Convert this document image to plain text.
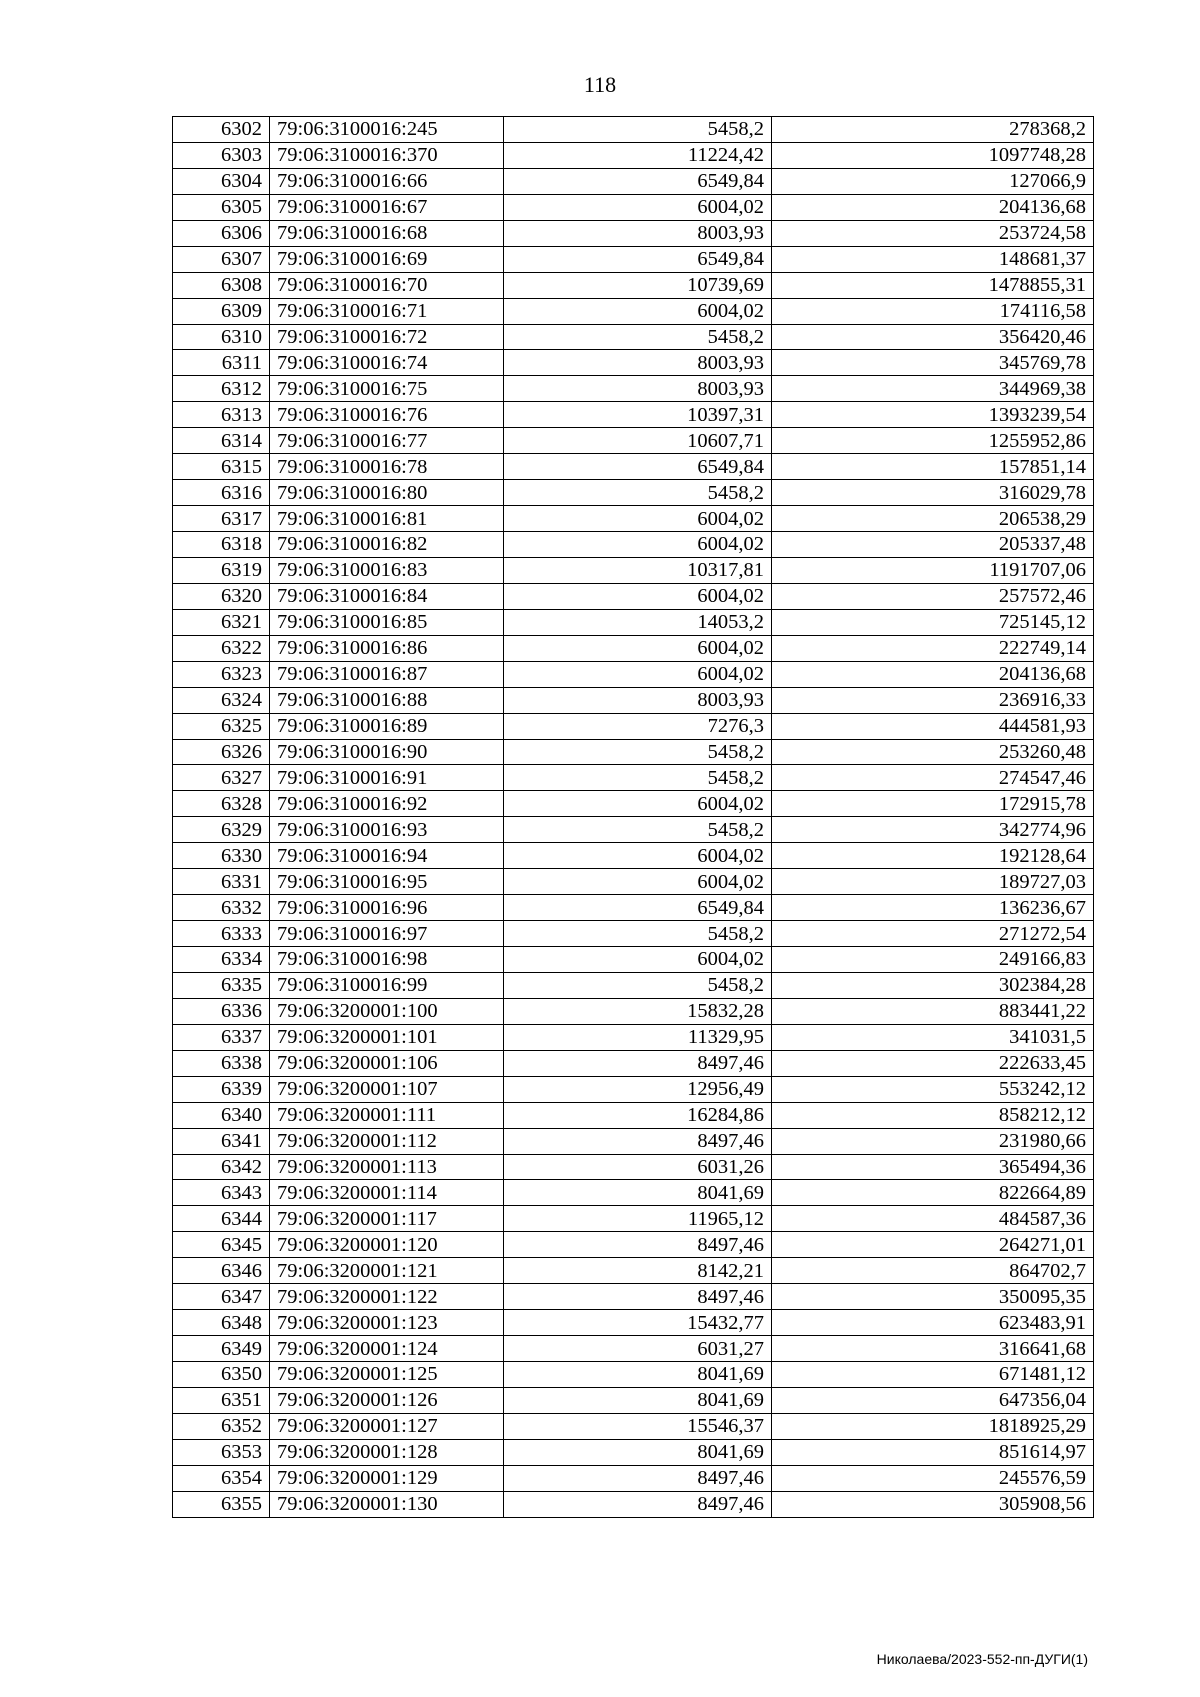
118
6302	79:06:3100016:245	5458,2	278368,2
6303	79:06:3100016:370	11224,42	1097748,28
6304	79:06:3100016:66	6549,84	127066,9
6305	79:06:3100016:67	6004,02	204136,68
6306	79:06:3100016:68	8003,93	253724,58
6307	79:06:3100016:69	6549,84	148681,37
6308	79:06:3100016:70	10739,69	1478855,31
6309	79:06:3100016:71	6004,02	174116,58
6310	79:06:3100016:72	5458,2	356420,46
6311	79:06:3100016:74	8003,93	345769,78
6312	79:06:3100016:75	8003,93	344969,38
6313	79:06:3100016:76	10397,31	1393239,54
6314	79:06:3100016:77	10607,71	1255952,86
6315	79:06:3100016:78	6549,84	157851,14
6316	79:06:3100016:80	5458,2	316029,78
6317	79:06:3100016:81	6004,02	206538,29
6318	79:06:3100016:82	6004,02	205337,48
6319	79:06:3100016:83	10317,81	1191707,06
6320	79:06:3100016:84	6004,02	257572,46
6321	79:06:3100016:85	14053,2	725145,12
6322	79:06:3100016:86	6004,02	222749,14
6323	79:06:3100016:87	6004,02	204136,68
6324	79:06:3100016:88	8003,93	236916,33
6325	79:06:3100016:89	7276,3	444581,93
6326	79:06:3100016:90	5458,2	253260,48
6327	79:06:3100016:91	5458,2	274547,46
6328	79:06:3100016:92	6004,02	172915,78
6329	79:06:3100016:93	5458,2	342774,96
6330	79:06:3100016:94	6004,02	192128,64
6331	79:06:3100016:95	6004,02	189727,03
6332	79:06:3100016:96	6549,84	136236,67
6333	79:06:3100016:97	5458,2	271272,54
6334	79:06:3100016:98	6004,02	249166,83
6335	79:06:3100016:99	5458,2	302384,28
6336	79:06:3200001:100	15832,28	883441,22
6337	79:06:3200001:101	11329,95	341031,5
6338	79:06:3200001:106	8497,46	222633,45
6339	79:06:3200001:107	12956,49	553242,12
6340	79:06:3200001:111	16284,86	858212,12
6341	79:06:3200001:112	8497,46	231980,66
6342	79:06:3200001:113	6031,26	365494,36
6343	79:06:3200001:114	8041,69	822664,89
6344	79:06:3200001:117	11965,12	484587,36
6345	79:06:3200001:120	8497,46	264271,01
6346	79:06:3200001:121	8142,21	864702,7
6347	79:06:3200001:122	8497,46	350095,35
6348	79:06:3200001:123	15432,77	623483,91
6349	79:06:3200001:124	6031,27	316641,68
6350	79:06:3200001:125	8041,69	671481,12
6351	79:06:3200001:126	8041,69	647356,04
6352	79:06:3200001:127	15546,37	1818925,29
6353	79:06:3200001:128	8041,69	851614,97
6354	79:06:3200001:129	8497,46	245576,59
6355	79:06:3200001:130	8497,46	305908,56
Николаева/2023-552-пп-ДУГИ(1)
